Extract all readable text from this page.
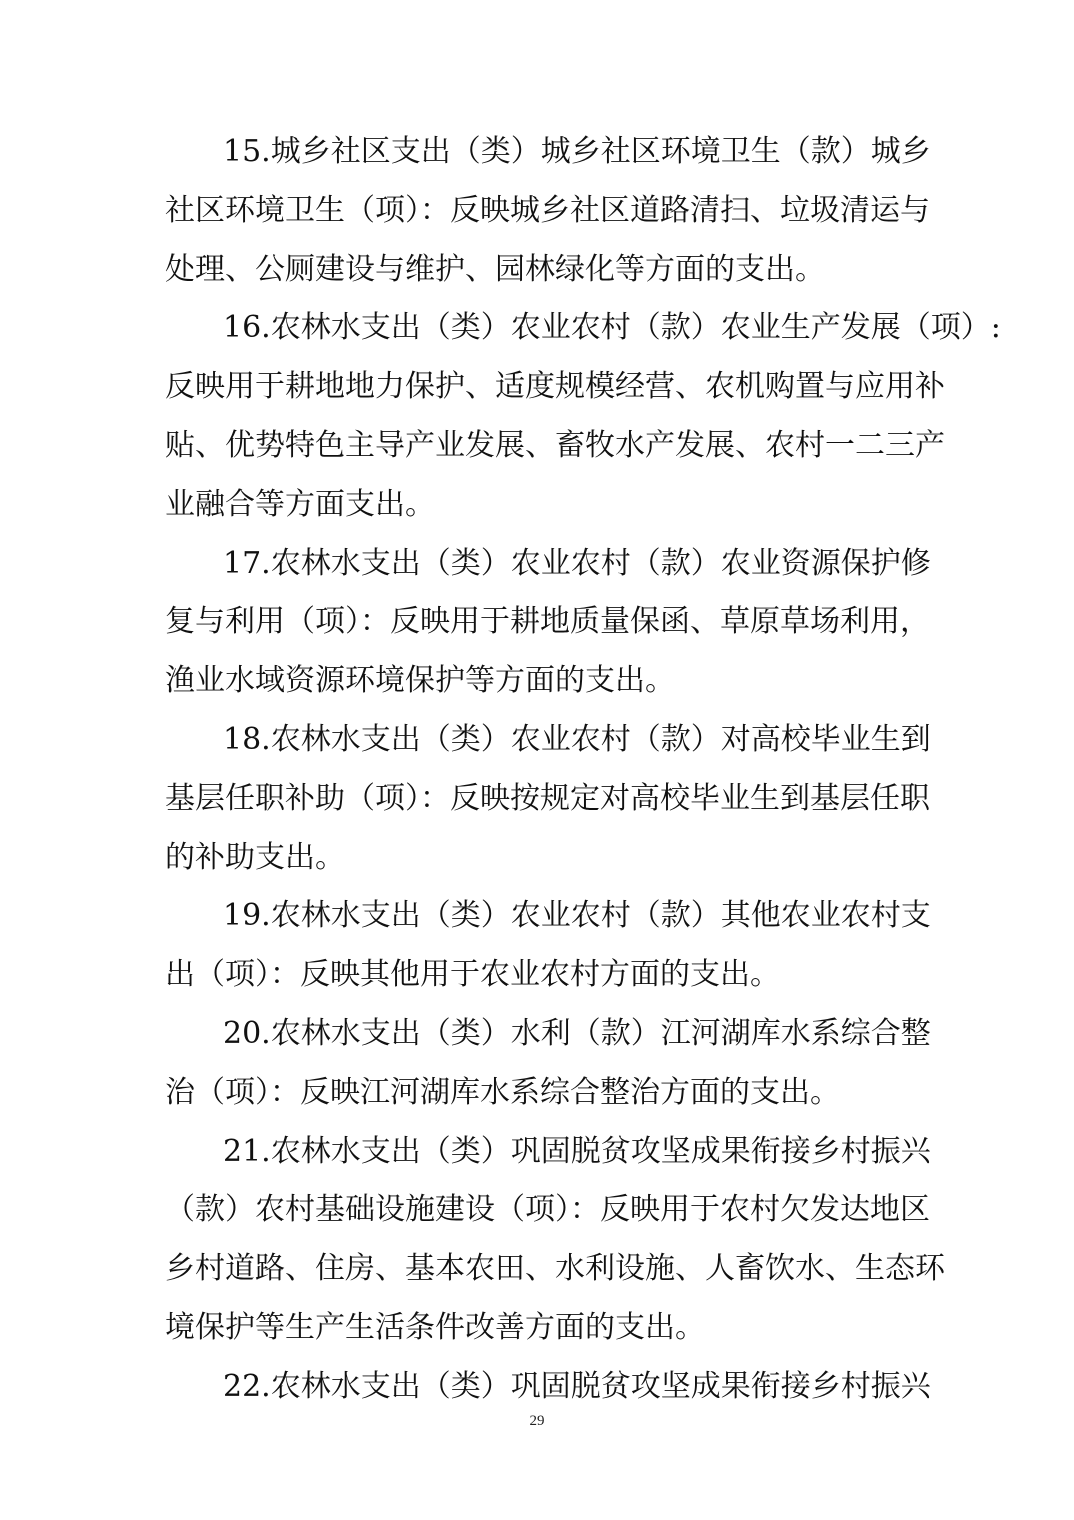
15.城乡社区支出（类）城乡社区环境卫生（款）城乡
社区环境卫生（项）：反映城乡社区道路清扫、垃圾清运与
处理、公厕建设与维护、园林绿化等方面的支出。

16.农林水支出（类）农业农村（款）农业生产发展（项）:
反映用于耕地地力保护、适度规模经营、农机购置与应用补
贴、优势特色主导产业发展、畜牧水产发展、农村一二三产
业融合等方面支出。

17.农林水支出（类）农业农村（款）农业资源保护修
复与利用（项）：反映用于耕地质量保函、草原草场利用，
渔业水域资源环境保护等方面的支出。

18.农林水支出（类）农业农村（款）对高校毕业生到
基层任职补助（项）：反映按规定对高校毕业生到基层任职
的补助支出。

19.农林水支出（类）农业农村（款）其他农业农村支
出（项）：反映其他用于农业农村方面的支出。

20.农林水支出（类）水利（款）江河湖库水系综合整
治（项）：反映江河湖库水系综合整治方面的支出。

21.农林水支出（类）巩固脱贫攻坚成果衔接乡村振兴
（款）农村基础设施建设（项）：反映用于农村欠发达地区
乡村道路、住房、基本农田、水利设施、人畜饮水、生态环
境保护等生产生活条件改善方面的支出。

22.农林水支出（类）巩固脱贫攻坚成果衔接乡村振兴

29
